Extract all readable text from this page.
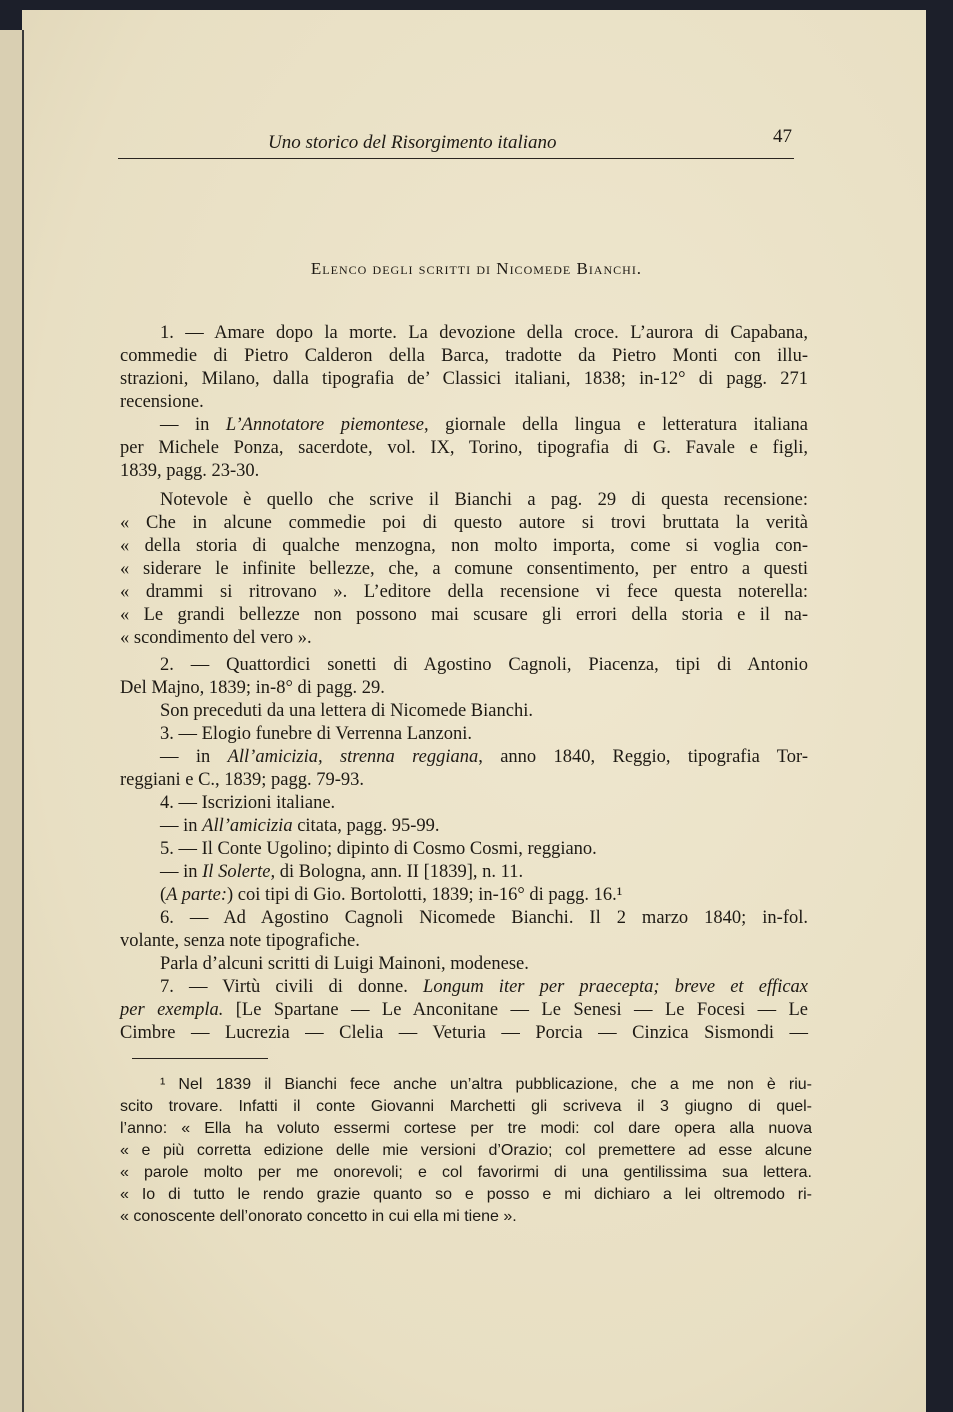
Uno storico del Risorgimento italiano	47
Elenco degli scritti di Nicomede Bianchi.
1. — Amare dopo la morte. La devozione della croce. L’aurora di Capabana,
commedie di Pietro Calderon della Barca, tradotte da Pietro Monti con illu-
strazioni, Milano, dalla tipografia de’ Classici italiani, 1838; in-12° di pagg. 271
recensione.
— in L’Annotatore piemontese, giornale della lingua e letteratura italiana
per Michele Ponza, sacerdote, vol. IX, Torino, tipografia di G. Favale e figli,
1839, pagg. 23-30.
Notevole è quello che scrive il Bianchi a pag. 29 di questa recensione:
« Che in alcune commedie poi di questo autore si trovi bruttata la verità
« della storia di qualche menzogna, non molto importa, come si voglia con-
« siderare le infinite bellezze, che, a comune consentimento, per entro a questi
« drammi si ritrovano ». L’editore della recensione vi fece questa noterella:
« Le grandi bellezze non possono mai scusare gli errori della storia e il na-
« scondimento del vero ».
2. — Quattordici sonetti di Agostino Cagnoli, Piacenza, tipi di Antonio
Del Majno, 1839; in-8° di pagg. 29.
Son preceduti da una lettera di Nicomede Bianchi.
3. — Elogio funebre di Verrenna Lanzoni.
— in All’amicizia, strenna reggiana, anno 1840, Reggio, tipografia Tor-
reggiani e C., 1839; pagg. 79-93.
4. — Iscrizioni italiane.
— in All’amicizia citata, pagg. 95-99.
5. — Il Conte Ugolino; dipinto di Cosmo Cosmi, reggiano.
— in Il Solerte, di Bologna, ann. II [1839], n. 11.
(A parte:) coi tipi di Gio. Bortolotti, 1839; in-16° di pagg. 16.¹
6. — Ad Agostino Cagnoli Nicomede Bianchi. Il 2 marzo 1840; in-fol.
volante, senza note tipografiche.
Parla d’alcuni scritti di Luigi Mainoni, modenese.
7. — Virtù civili di donne. Longum iter per praecepta; breve et efficax
per exempla. [Le Spartane — Le Anconitane — Le Senesi — Le Focesi — Le
Cimbre — Lucrezia — Clelia — Veturia — Porcia — Cinzica Sismondi —
¹ Nel 1839 il Bianchi fece anche un’altra pubblicazione, che a me non è riu-
scito trovare. Infatti il conte Giovanni Marchetti gli scriveva il 3 giugno di quel-
l’anno: « Ella ha voluto essermi cortese per tre modi: col dare opera alla nuova
« e più corretta edizione delle mie versioni d’Orazio; col premettere ad esse alcune
« parole molto per me onorevoli; e col favorirmi di una gentilissima sua lettera.
« Io di tutto le rendo grazie quanto so e posso e mi dichiaro a lei oltremodo ri-
« conoscente dell’onorato concetto in cui ella mi tiene ».
